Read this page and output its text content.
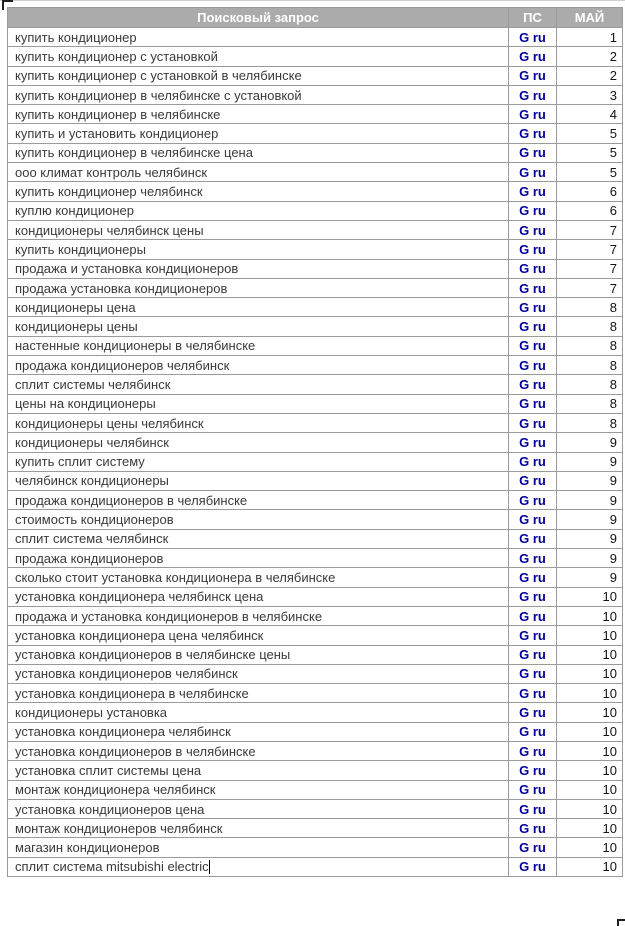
Поисковый запрос	ПС	МАЙ
купить кондиционер	G ru	1
купить кондиционер с установкой	G ru	2
купить кондиционер с установкой в челябинске	G ru	2
купить кондиционер в челябинске с установкой	G ru	3
купить кондиционер в челябинске	G ru	4
купить и установить кондиционер	G ru	5
купить кондиционер в челябинске цена	G ru	5
ооо климат контроль челябинск	G ru	5
купить кондиционер челябинск	G ru	6
куплю кондиционер	G ru	6
кондиционеры челябинск цены	G ru	7
купить кондиционеры	G ru	7
продажа и установка кондиционеров	G ru	7
продажа установка кондиционеров	G ru	7
кондиционеры цена	G ru	8
кондиционеры цены	G ru	8
настенные кондиционеры в челябинске	G ru	8
продажа кондиционеров челябинск	G ru	8
сплит системы челябинск	G ru	8
цены на кондиционеры	G ru	8
кондиционеры цены челябинск	G ru	8
кондиционеры челябинск	G ru	9
купить сплит систему	G ru	9
челябинск кондиционеры	G ru	9
продажа кондиционеров в челябинске	G ru	9
стоимость кондиционеров	G ru	9
сплит система челябинск	G ru	9
продажа кондиционеров	G ru	9
сколько стоит установка кондиционера в челябинске	G ru	9
установка кондиционера челябинск цена	G ru	10
продажа и установка кондиционеров в челябинске	G ru	10
установка кондиционера цена челябинск	G ru	10
установка кондиционеров в челябинске цены	G ru	10
установка кондиционеров челябинск	G ru	10
установка кондиционера в челябинске	G ru	10
кондиционеры установка	G ru	10
установка кондиционера челябинск	G ru	10
установка кондиционеров в челябинске	G ru	10
установка сплит системы цена	G ru	10
монтаж кондиционера челябинск	G ru	10
установка кондиционеров цена	G ru	10
монтаж кондиционеров челябинск	G ru	10
магазин кондиционеров	G ru	10
сплит система mitsubishi electric	G ru	10
